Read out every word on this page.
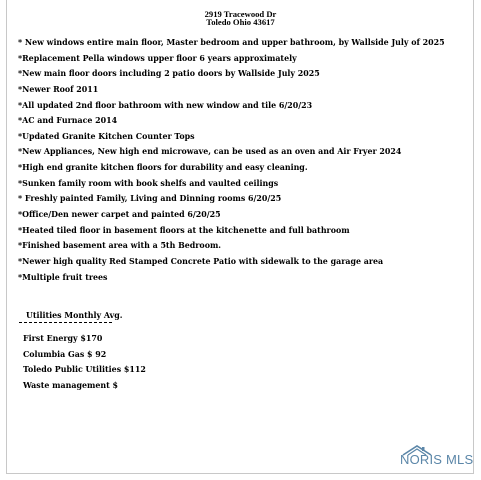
2919 Tracewood Dr
Toledo Ohio 43617
* New windows entire main floor, Master bedroom and upper bathroom, by Wallside July of 2025
*Replacement Pella windows upper floor 6 years approximately
*New main floor doors including 2 patio doors by Wallside July 2025
*Newer Roof 2011
*All updated 2nd floor bathroom with new window and tile 6/20/23
*AC and Furnace 2014
*Updated Granite Kitchen Counter Tops
*New Appliances, New high end microwave, can be used as an oven and Air Fryer 2024
*High end granite kitchen floors for durability and easy cleaning.
*Sunken family room with book shelfs and vaulted ceilings
* Freshly painted Family, Living and Dinning rooms 6/20/25
*Office/Den newer carpet and painted 6/20/25
*Heated tiled floor in basement floors at the kitchenette and full bathroom
*Finished basement area with a 5th Bedroom.
*Newer high quality Red Stamped Concrete Patio with sidewalk to the garage area
*Multiple fruit trees
Utilities Monthly Avg.
First Energy $170
Columbia Gas $ 92
Toledo Public Utilities $112
Waste management $
NORIS MLS
